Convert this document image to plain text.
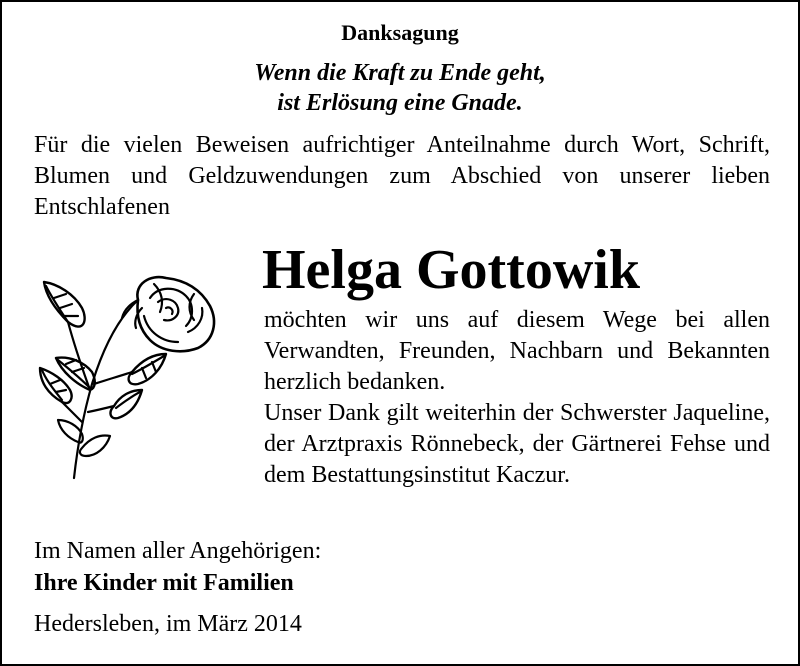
Danksagung
Wenn die Kraft zu Ende geht,
ist Erlösung eine Gnade.
Für die vielen Beweisen aufrichtiger Anteilnahme durch Wort, Schrift, Blumen und Geldzuwendungen zum Abschied von unserer lieben Entschlafenen
Helga Gottowik

möchten wir uns auf diesem Wege bei allen Verwandten, Freunden, Nachbarn und Bekannten herzlich bedanken.

Unser Dank gilt weiterhin der Schwerster Jaqueline, der Arztpraxis Rönnebeck, der Gärtnerei Fehse und dem Bestattungsinstitut Kaczur.

Im Namen aller Angehörigen:
Ihre Kinder mit Familien
Hedersleben, im März 2014
